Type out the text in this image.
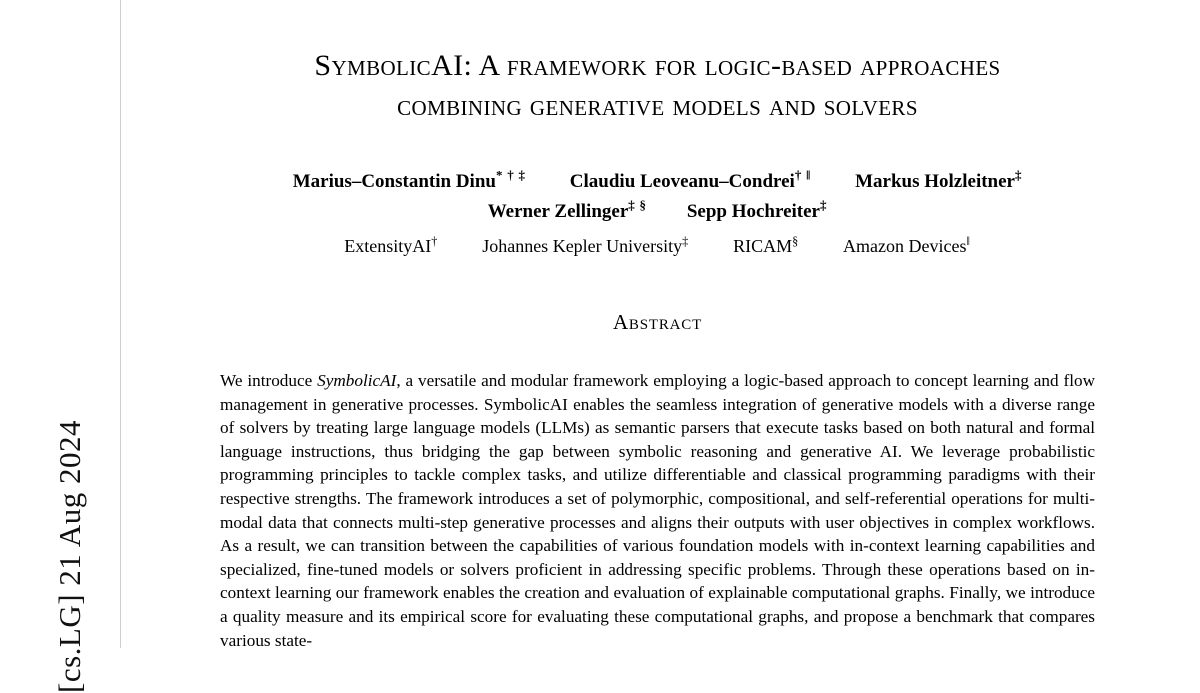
[cs.LG] 21 Aug 2024
SymbolicAI: A framework for logic-based approaches
combining generative models and solvers
Marius–Constantin Dinu* † ‡ Claudiu Leoveanu–Condrei† ‖ Markus Holzleitner‡
Werner Zellinger‡ § Sepp Hochreiter‡
ExtensityAI† Johannes Kepler University‡ RICAM§ Amazon Devices‖
Abstract
We introduce SymbolicAI, a versatile and modular framework employing a logic-based approach to concept learning and flow management in generative processes. SymbolicAI enables the seamless integration of generative models with a diverse range of solvers by treating large language models (LLMs) as semantic parsers that execute tasks based on both natural and formal language instructions, thus bridging the gap between symbolic reasoning and generative AI. We leverage probabilistic programming principles to tackle complex tasks, and utilize differentiable and classical programming paradigms with their respective strengths. The framework introduces a set of polymorphic, compositional, and self-referential operations for multi-modal data that connects multi-step generative processes and aligns their outputs with user objectives in complex workflows. As a result, we can transition between the capabilities of various foundation models with in-context learning capabilities and specialized, fine-tuned models or solvers proficient in addressing specific problems. Through these operations based on in-context learning our framework enables the creation and evaluation of explainable computational graphs. Finally, we introduce a quality measure and its empirical score for evaluating these computational graphs, and propose a benchmark that compares various state-
